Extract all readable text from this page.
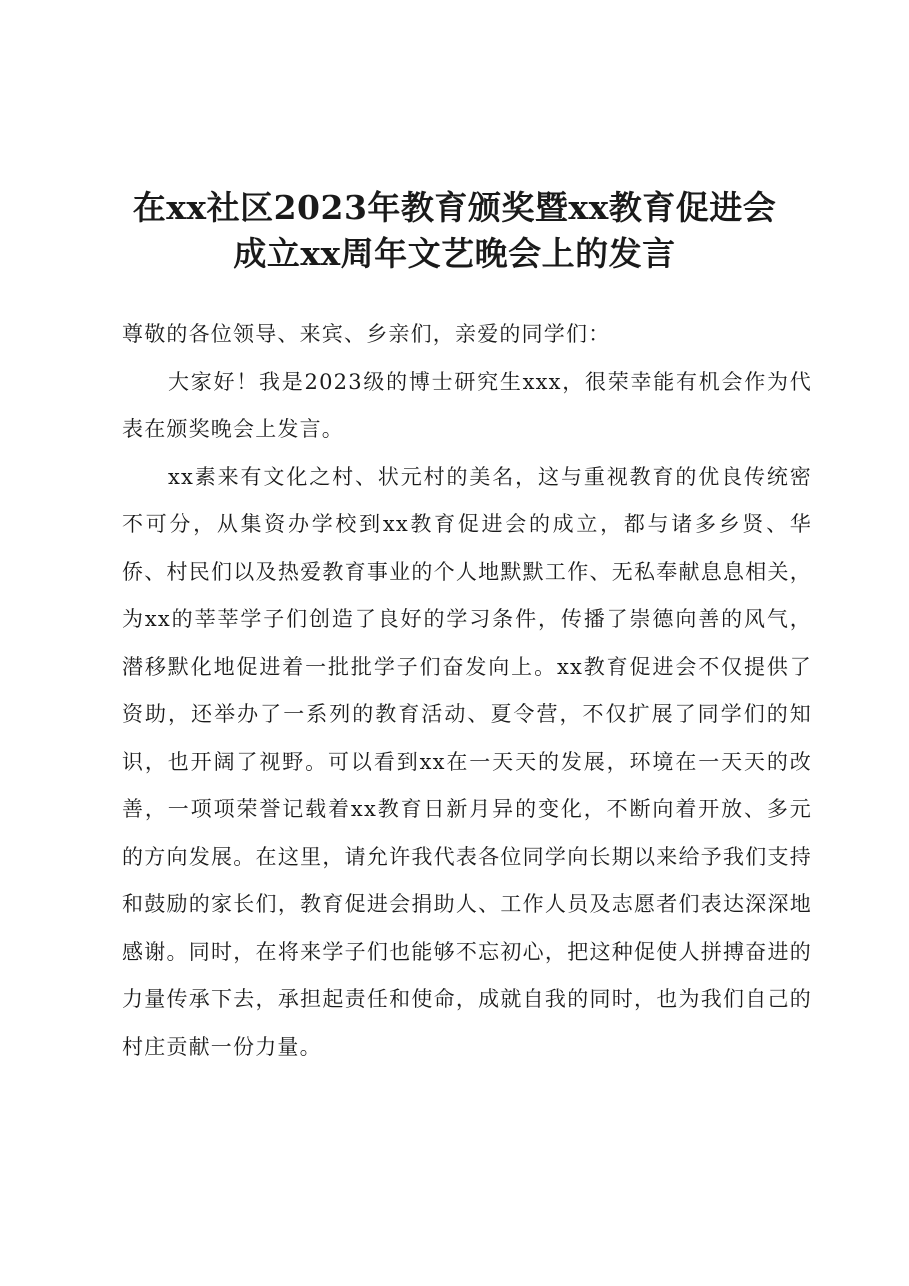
在xx社区2023年教育颁奖暨xx教育促进会
成立xx周年文艺晚会上的发言

尊敬的各位领导、来宾、乡亲们，亲爱的同学们：

大家好！我是2023级的博士研究生xxx，很荣幸能有机会作为代表在颁奖晚会上发言。

xx素来有文化之村、状元村的美名，这与重视教育的优良传统密不可分，从集资办学校到xx教育促进会的成立，都与诸多乡贤、华侨、村民们以及热爱教育事业的个人地默默工作、无私奉献息息相关，为xx的莘莘学子们创造了良好的学习条件，传播了崇德向善的风气，潜移默化地促进着一批批学子们奋发向上。xx教育促进会不仅提供了资助，还举办了一系列的教育活动、夏令营，不仅扩展了同学们的知识，也开阔了视野。可以看到xx在一天天的发展，环境在一天天的改善，一项项荣誉记载着xx教育日新月异的变化，不断向着开放、多元的方向发展。在这里，请允许我代表各位同学向长期以来给予我们支持和鼓励的家长们，教育促进会捐助人、工作人员及志愿者们表达深深地感谢。同时，在将来学子们也能够不忘初心，把这种促使人拼搏奋进的力量传承下去，承担起责任和使命，成就自我的同时，也为我们自己的村庄贡献一份力量。
